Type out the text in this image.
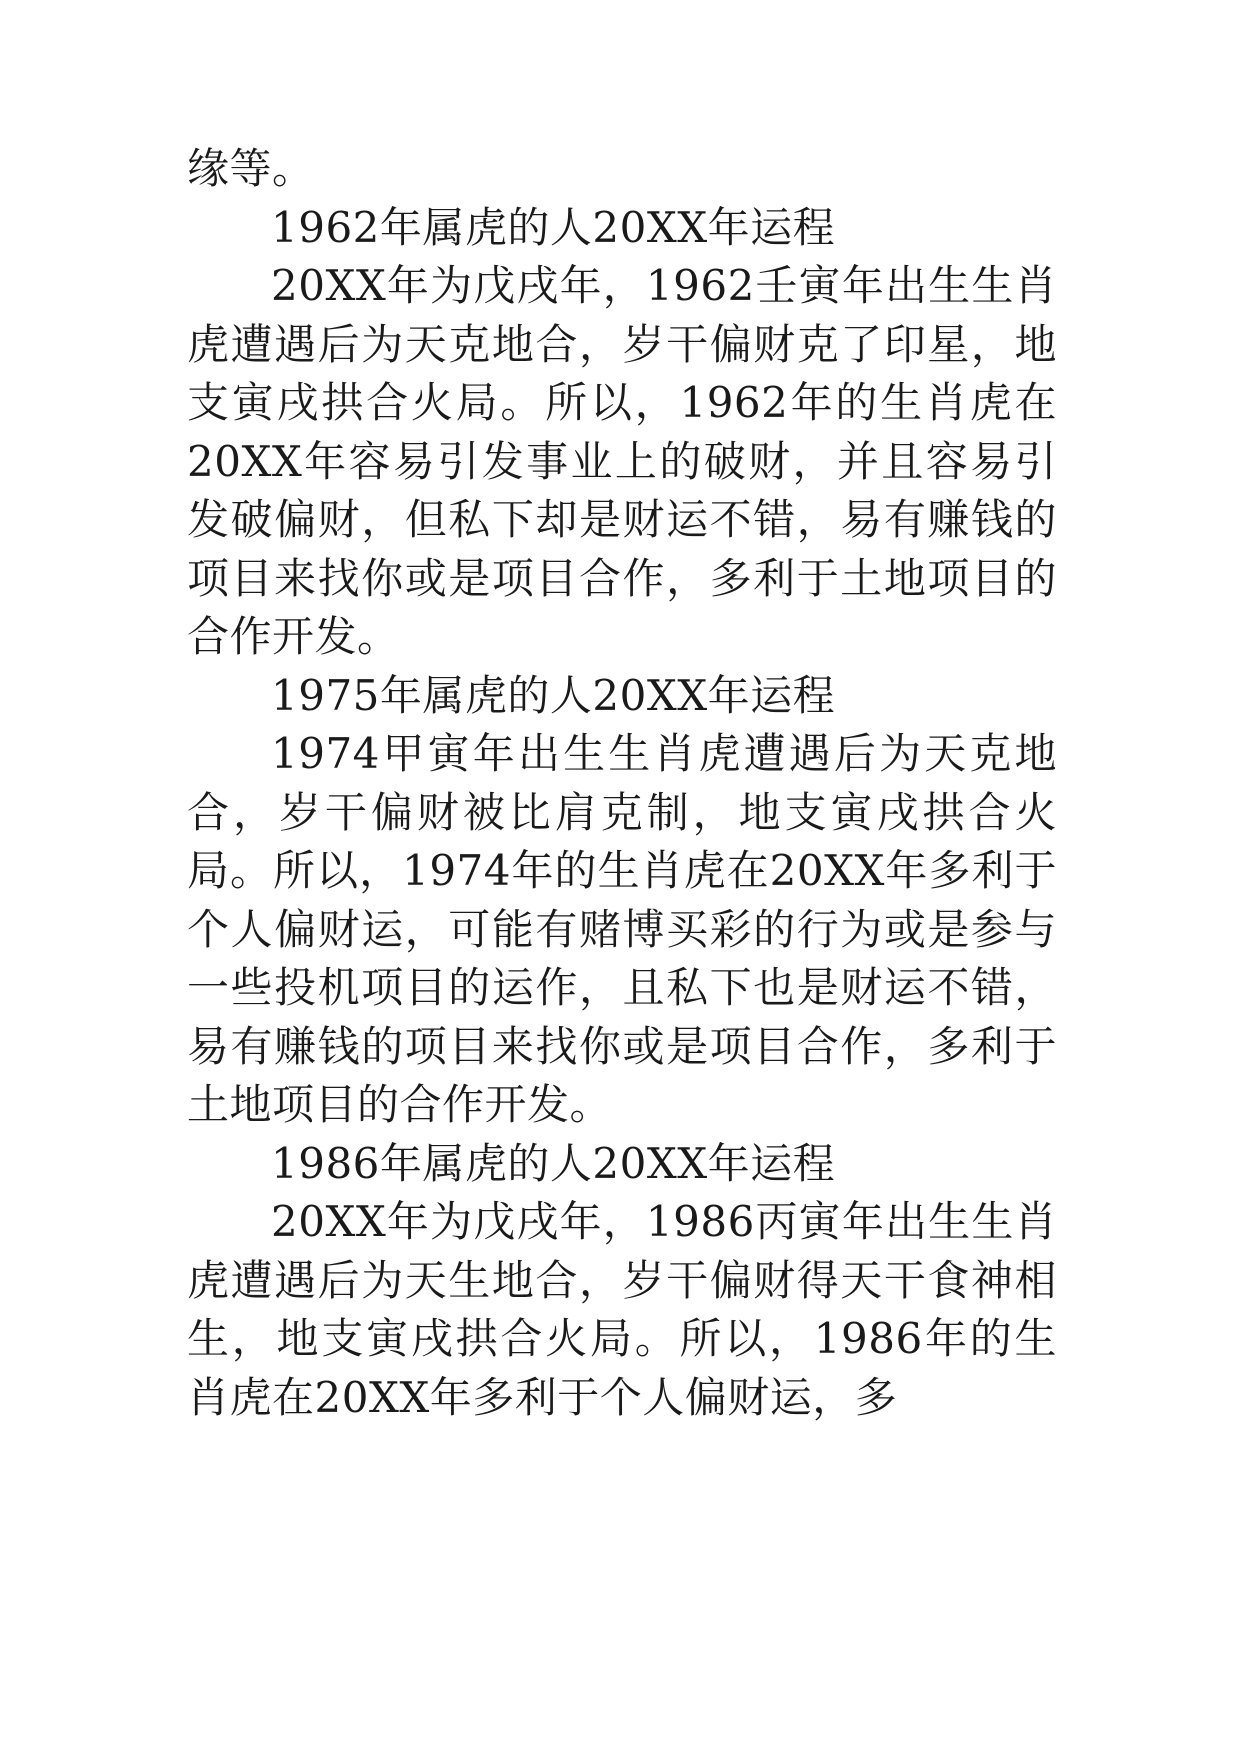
缘等。

1962年属虎的人20XX年运程

20XX年为戊戌年，1962壬寅年出生生肖虎遭遇后为天克地合，岁干偏财克了印星，地支寅戌拱合火局。所以，1962年的生肖虎在20XX年容易引发事业上的破财，并且容易引发破偏财，但私下却是财运不错，易有赚钱的项目来找你或是项目合作，多利于土地项目的合作开发。

1975年属虎的人20XX年运程

1974甲寅年出生生肖虎遭遇后为天克地合，岁干偏财被比肩克制，地支寅戌拱合火局。所以，1974年的生肖虎在20XX年多利于个人偏财运，可能有赌博买彩的行为或是参与一些投机项目的运作，且私下也是财运不错，易有赚钱的项目来找你或是项目合作，多利于土地项目的合作开发。

1986年属虎的人20XX年运程

20XX年为戊戌年，1986丙寅年出生生肖虎遭遇后为天生地合，岁干偏财得天干食神相生，地支寅戌拱合火局。所以，1986年的生肖虎在20XX年多利于个人偏财运，多
